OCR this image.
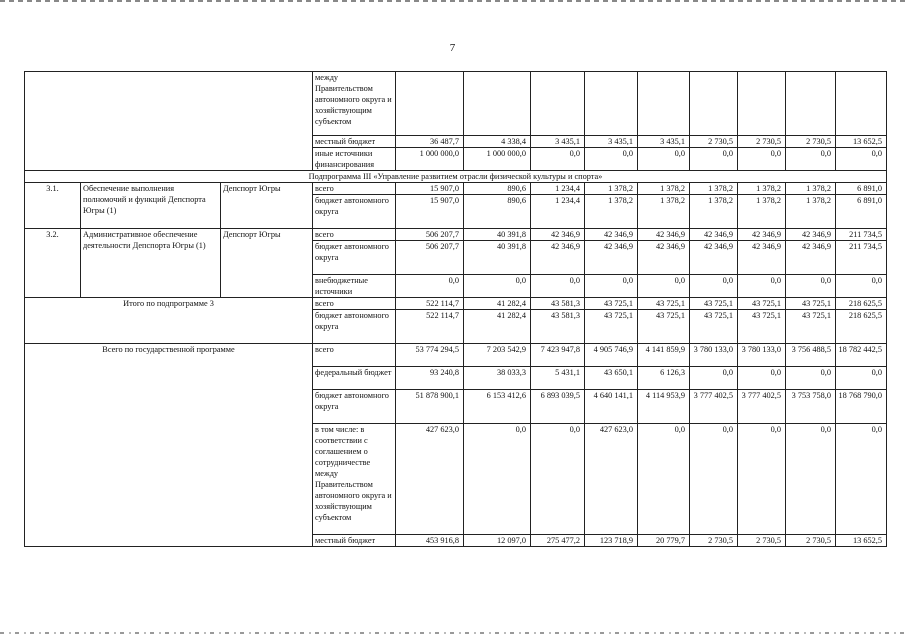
7
			между Правительством автономного округа и хозяйствующим субъектом									
			местный бюджет	36 487,7	4 338,4	3 435,1	3 435,1	3 435,1	2 730,5	2 730,5	2 730,5	13 652,5
			иные источники финансирования	1 000 000,0	1 000 000,0	0,0	0,0	0,0	0,0	0,0	0,0	0,0
Подпрограмма III «Управление развитием отрасли физической культуры и спорта»												
3.1.	Обеспечение выполнения полномочий и функций Депспорта Югры (1)	Депспорт Югры	всего	15 907,0	890,6	1 234,4	1 378,2	1 378,2	1 378,2	1 378,2	1 378,2	6 891,0
			бюджет автономного округа	15 907,0	890,6	1 234,4	1 378,2	1 378,2	1 378,2	1 378,2	1 378,2	6 891,0
3.2.	Административное обеспечение деятельности Депспорта Югры (1)	Депспорт Югры	всего	506 207,7	40 391,8	42 346,9	42 346,9	42 346,9	42 346,9	42 346,9	42 346,9	211 734,5
			бюджет автономного округа	506 207,7	40 391,8	42 346,9	42 346,9	42 346,9	42 346,9	42 346,9	42 346,9	211 734,5
			внебюджетные источники	0,0	0,0	0,0	0,0	0,0	0,0	0,0	0,0	0,0
Итого по подпрограмме 3			всего	522 114,7	41 282,4	43 581,3	43 725,1	43 725,1	43 725,1	43 725,1	43 725,1	218 625,5
			бюджет автономного округа	522 114,7	41 282,4	43 581,3	43 725,1	43 725,1	43 725,1	43 725,1	43 725,1	218 625,5
Всего по государственной программе			всего	53 774 294,5	7 203 542,9	7 423 947,8	4 905 746,9	4 141 859,9	3 780 133,0	3 780 133,0	3 756 488,5	18 782 442,5
			федеральный бюджет	93 240,8	38 033,3	5 431,1	43 650,1	6 126,3	0,0	0,0	0,0	0,0
			бюджет автономного округа	51 878 900,1	6 153 412,6	6 893 039,5	4 640 141,1	4 114 953,9	3 777 402,5	3 777 402,5	3 753 758,0	18 768 790,0
			в том числе: в соответствии с соглашением о сотрудничестве между Правительством автономного округа и хозяйствующим субъектом	427 623,0	0,0	0,0	427 623,0	0,0	0,0	0,0	0,0	0,0
			местный бюджет	453 916,8	12 097,0	275 477,2	123 718,9	20 779,7	2 730,5	2 730,5	2 730,5	13 652,5
